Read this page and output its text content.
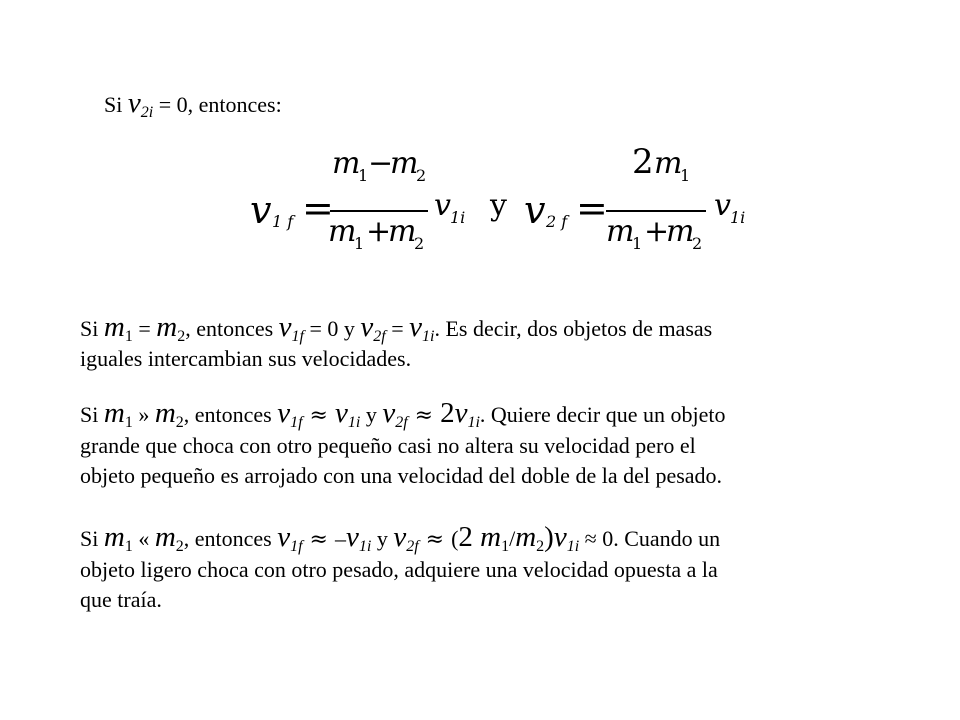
Si $v_{2i} = 0$, entonces:
v 1 f =
m
1 −
m
2
m
1 +
m
2
v 1i y v 2 f =
2 m
1
m
1 +
m
2
v 1i
Si $m_1 = m_2$, entonces $v_{1f} = 0$ y $v_{2f} = v_{1i}$. Es decir, dos objetos de masas
iguales intercambian sus velocidades.
Si $m_1$ » $m_2$, entonces $v_{1f} \approx v_{1i}$ y $v_{2f} \approx 2v_{1i}$. Quiere decir que un objeto
grande que choca con otro pequeño casi no altera su velocidad pero el
objeto pequeño es arrojado con una velocidad del doble de la del pesado.
Si $m_1$ « $m_2$, entonces $v_{1f} \approx -v_{1i}$ y $v_{2f} \approx (2$ $m_1/m_2)v_{1i} \approx 0$. Cuando un
objeto ligero choca con otro pesado, adquiere una velocidad opuesta a la
que traía.
